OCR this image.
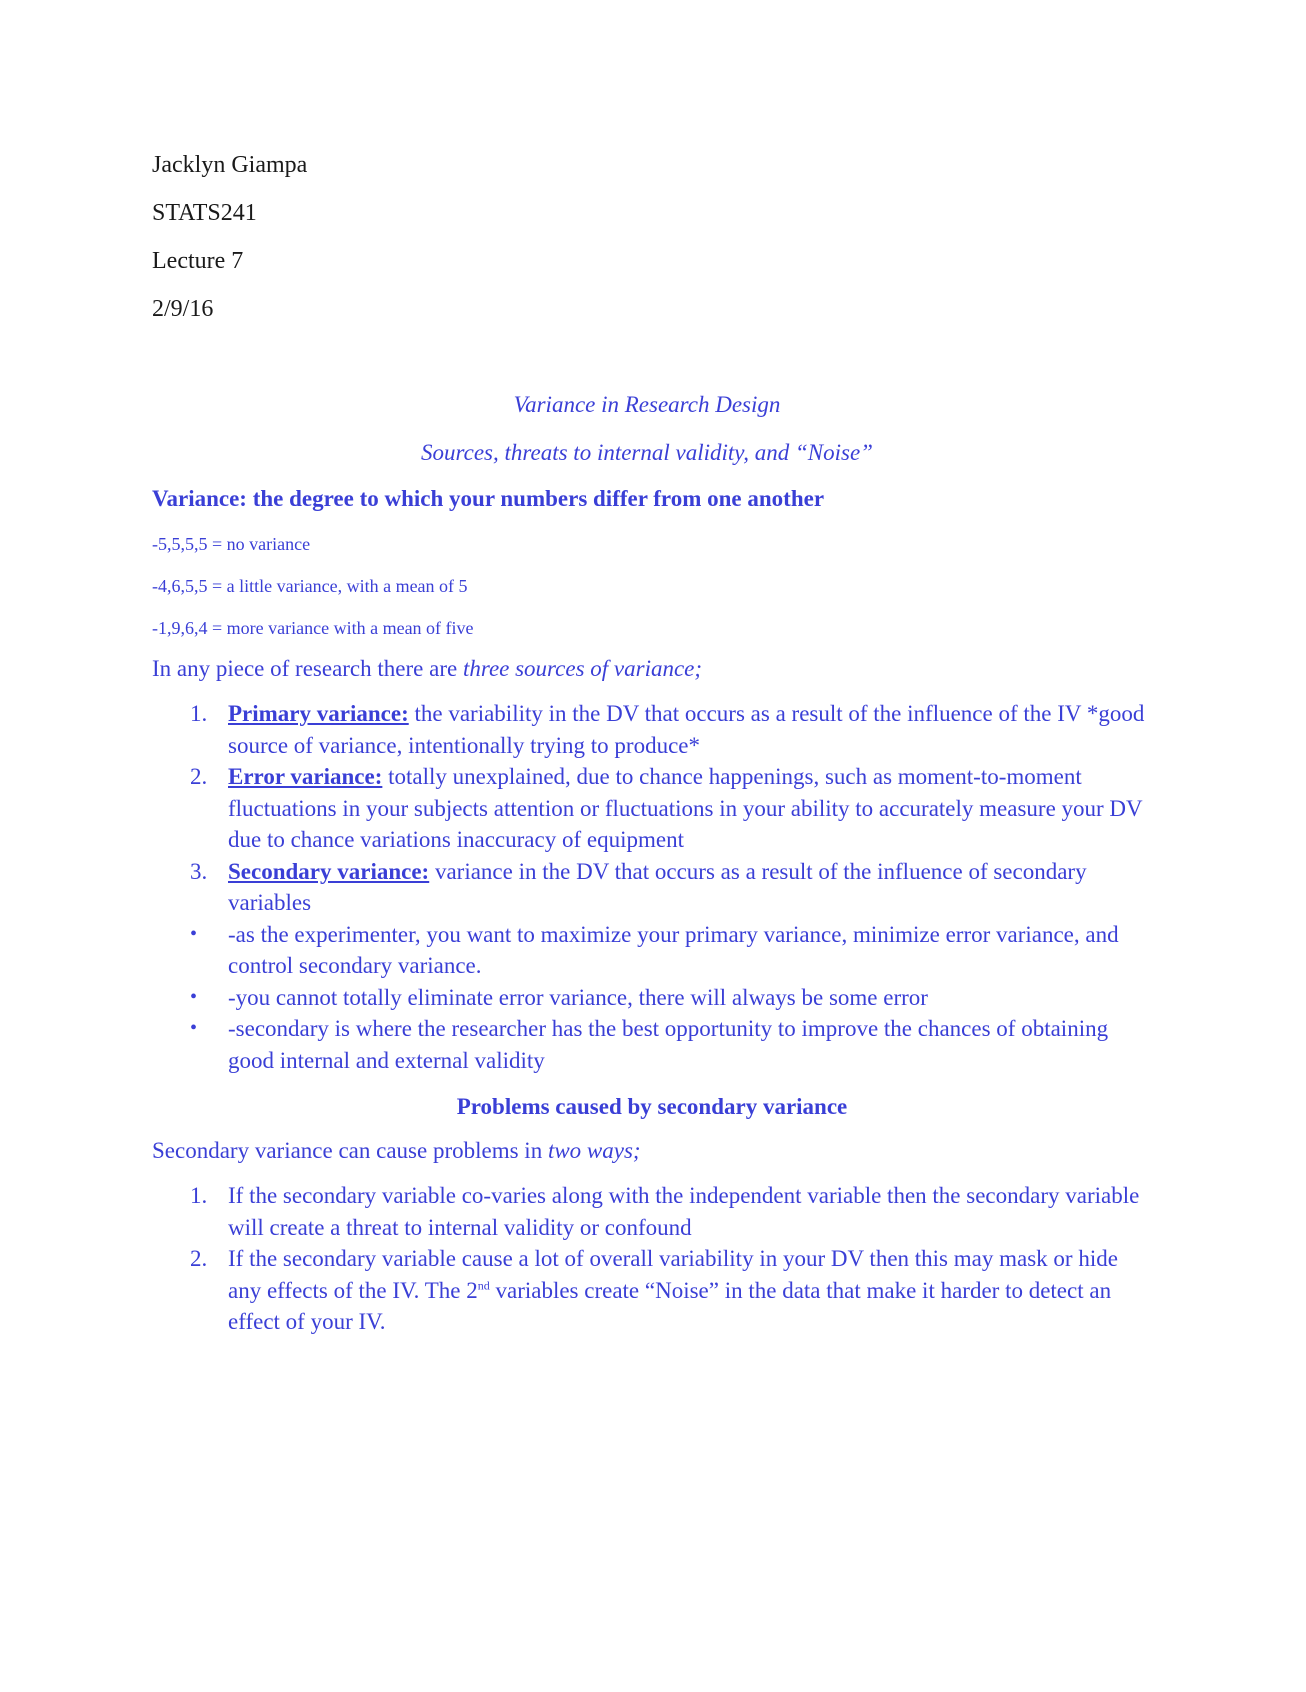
Jacklyn Giampa
STATS241
Lecture 7
2/9/16
Variance in Research Design
Sources, threats to internal validity, and “Noise”
Variance: the degree to which your numbers differ from one another
-5,5,5,5 = no variance
-4,6,5,5 = a little variance, with a mean of 5
-1,9,6,4 = more variance with a mean of five
In any piece of research there are three sources of variance;
1. Primary variance: the variability in the DV that occurs as a result of the influence of the IV *good source of variance, intentionally trying to produce*
2. Error variance: totally unexplained, due to chance happenings, such as moment-to-moment fluctuations in your subjects attention or fluctuations in your ability to accurately measure your DV due to chance variations inaccuracy of equipment
3. Secondary variance: variance in the DV that occurs as a result of the influence of secondary variables
• -as the experimenter, you want to maximize your primary variance, minimize error variance, and control secondary variance.
• -you cannot totally eliminate error variance, there will always be some error
• -secondary is where the researcher has the best opportunity to improve the chances of obtaining good internal and external validity
Problems caused by secondary variance
Secondary variance can cause problems in two ways;
1. If the secondary variable co-varies along with the independent variable then the secondary variable will create a threat to internal validity or confound
2. If the secondary variable cause a lot of overall variability in your DV then this may mask or hide any effects of the IV. The 2nd variables create “Noise” in the data that make it harder to detect an effect of your IV.
